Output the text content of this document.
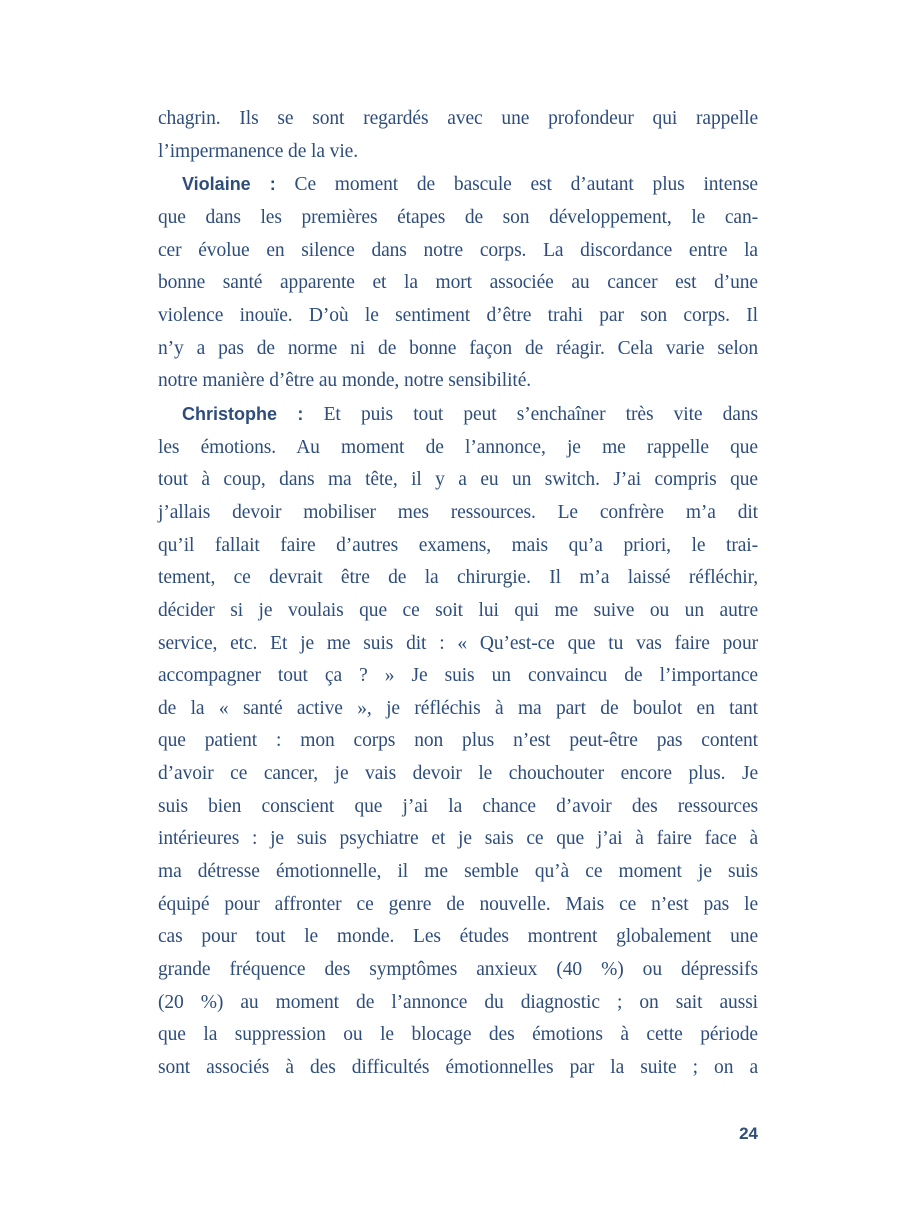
chagrin. Ils se sont regardés avec une profondeur qui rappelle
l’impermanence de la vie.
Violaine : Ce moment de bascule est d’autant plus intense
que dans les premières étapes de son développement, le can-
cer évolue en silence dans notre corps. La discordance entre la
bonne santé apparente et la mort associée au cancer est d’une
violence inouïe. D’où le sentiment d’être trahi par son corps. Il
n’y a pas de norme ni de bonne façon de réagir. Cela varie selon
notre manière d’être au monde, notre sensibilité.
Christophe : Et puis tout peut s’enchaîner très vite dans
les émotions. Au moment de l’annonce, je me rappelle que
tout à coup, dans ma tête, il y a eu un switch. J’ai compris que
j’allais devoir mobiliser mes ressources. Le confrère m’a dit
qu’il fallait faire d’autres examens, mais qu’a priori, le trai-
tement, ce devrait être de la chirurgie. Il m’a laissé réfléchir,
décider si je voulais que ce soit lui qui me suive ou un autre
service, etc. Et je me suis dit : « Qu’est-ce que tu vas faire pour
accompagner tout ça ? » Je suis un convaincu de l’importance
de la « santé active », je réfléchis à ma part de boulot en tant
que patient : mon corps non plus n’est peut-être pas content
d’avoir ce cancer, je vais devoir le chouchouter encore plus. Je
suis bien conscient que j’ai la chance d’avoir des ressources
intérieures : je suis psychiatre et je sais ce que j’ai à faire face à
ma détresse émotionnelle, il me semble qu’à ce moment je suis
équipé pour affronter ce genre de nouvelle. Mais ce n’est pas le
cas pour tout le monde. Les études montrent globalement une
grande fréquence des symptômes anxieux (40 %) ou dépressifs
(20 %) au moment de l’annonce du diagnostic ; on sait aussi
que la suppression ou le blocage des émotions à cette période
sont associés à des difficultés émotionnelles par la suite ; on a
24
